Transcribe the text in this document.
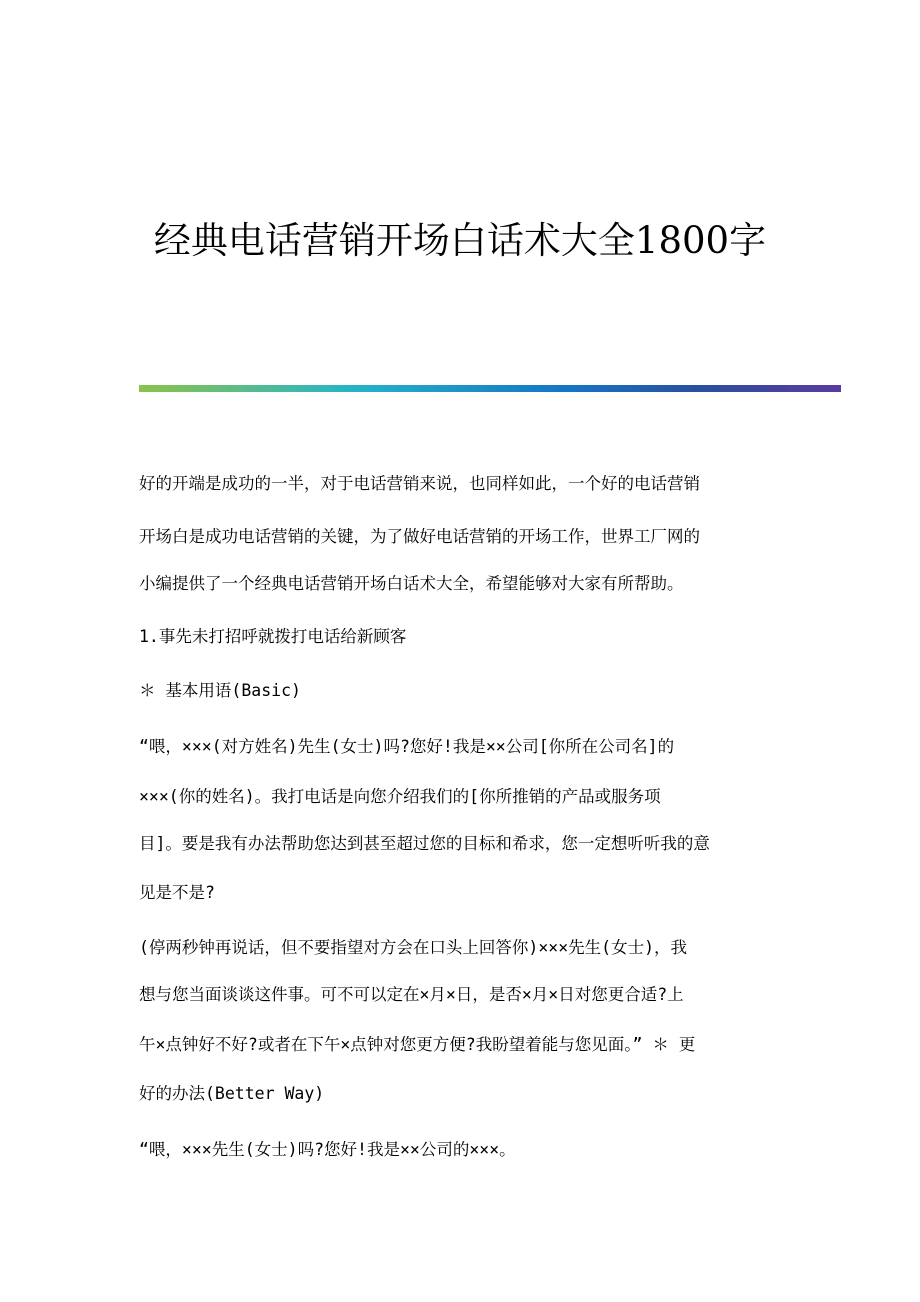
经典电话营销开场白话术大全1800字

好的开端是成功的一半，对于电话营销来说，也同样如此，一个好的电话营销

开场白是成功电话营销的关键，为了做好电话营销的开场工作，世界工厂网的

小编提供了一个经典电话营销开场白话术大全，希望能够对大家有所帮助。

1.事先未打招呼就拨打电话给新顾客

＊ 基本用语(Basic)

“喂，×××(对方姓名)先生(女士)吗?您好!我是××公司[你所在公司名]的

×××(你的姓名)。我打电话是向您介绍我们的[你所推销的产品或服务项

目]。要是我有办法帮助您达到甚至超过您的目标和希求，您一定想听听我的意

见是不是?

(停两秒钟再说话，但不要指望对方会在口头上回答你)×××先生(女士)，我

想与您当面谈谈这件事。可不可以定在×月×日，是否×月×日对您更合适?上

午×点钟好不好?或者在下午×点钟对您更方便?我盼望着能与您见面。” ＊ 更

好的办法(Better Way)

“喂，×××先生(女士)吗?您好!我是××公司的×××。
